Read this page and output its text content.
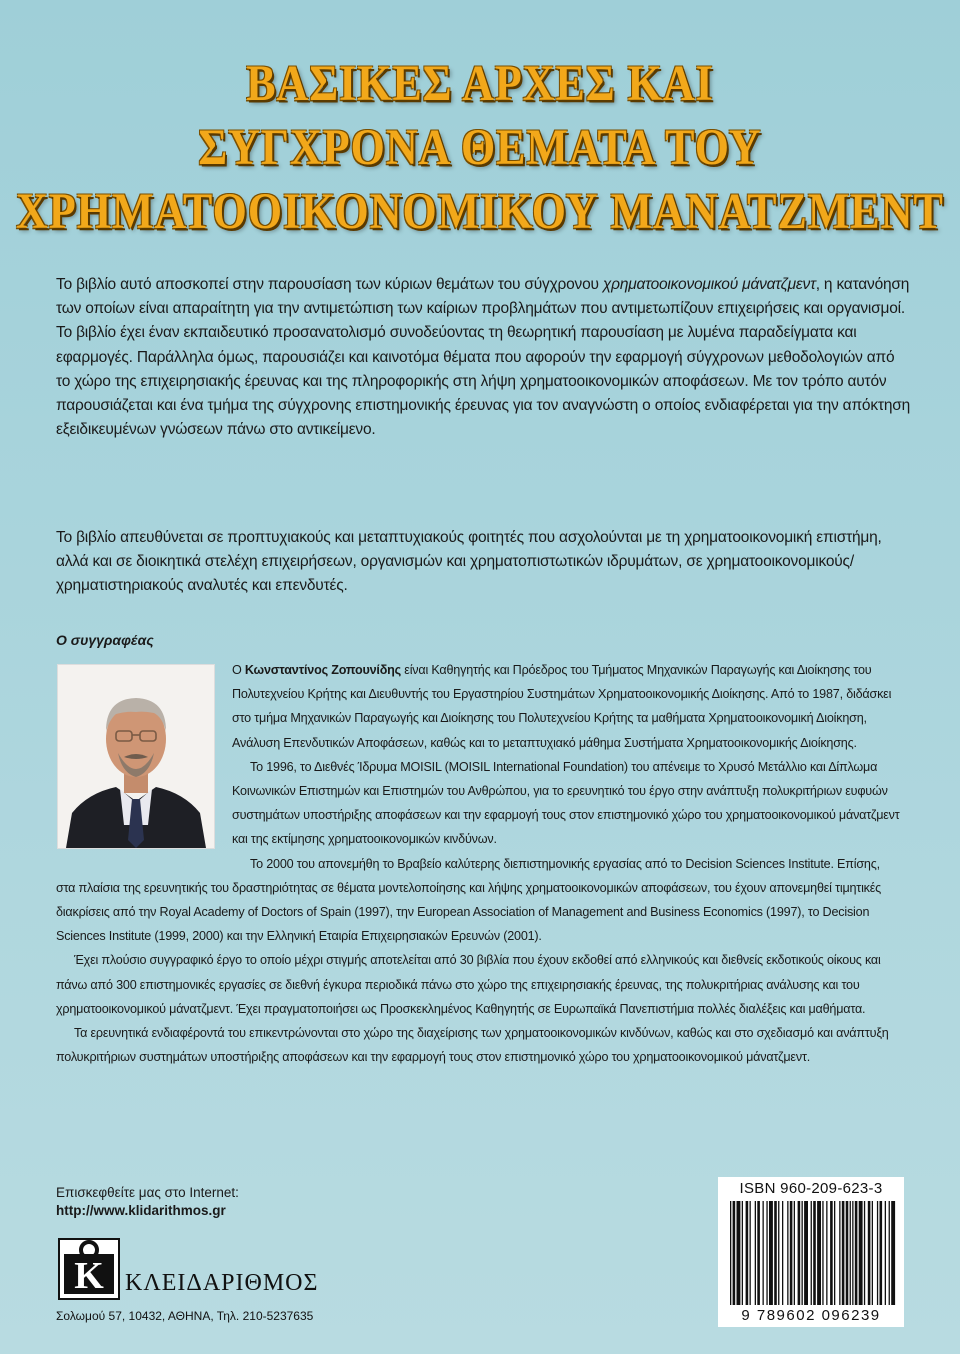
ΒΑΣΙΚΕΣ ΑΡΧΕΣ ΚΑΙ
ΣΥΓΧΡΟΝΑ ΘΕΜΑΤΑ ΤΟΥ
ΧΡΗΜΑΤΟΟΙΚΟΝΟΜΙΚΟΥ ΜΑΝΑΤΖΜΕΝΤ
Το βιβλίο αυτό αποσκοπεί στην παρουσίαση των κύριων θεμάτων του σύγχρονου χρηματοοικονομικού μάνατζμεντ, η κατανόηση των οποίων είναι απαραίτητη για την αντιμετώπιση των καίριων προβλημάτων που αντιμετωπίζουν επιχειρήσεις και οργανισμοί. Το βιβλίο έχει έναν εκπαιδευτικό προσανατολισμό συνοδεύοντας τη θεωρητική παρουσίαση με λυμένα παραδείγματα και εφαρμογές. Παράλληλα όμως, παρουσιάζει και καινοτόμα θέματα που αφορούν την εφαρμογή σύγχρονων μεθοδολογιών από το χώρο της επιχειρησιακής έρευνας και της πληροφορικής στη λήψη χρηματοοικονομικών αποφάσεων. Με τον τρόπο αυτόν παρουσιάζεται και ένα τμήμα της σύγχρονης επιστημονικής έρευνας για τον αναγνώστη ο οποίος ενδιαφέρεται για την απόκτηση εξειδικευμένων γνώσεων πάνω στο αντικείμενο.
Το βιβλίο απευθύνεται σε προπτυχιακούς και μεταπτυχιακούς φοιτητές που ασχολούνται με τη χρηματοοικονομική επιστήμη, αλλά και σε διοικητικά στελέχη επιχειρήσεων, οργανισμών και χρηματοπιστωτικών ιδρυμάτων, σε χρηματοοικονομικούς/χρηματιστηριακούς αναλυτές και επενδυτές.
Ο συγγραφέας

Ο Κωνσταντίνος Ζοπουνίδης είναι Καθηγητής και Πρόεδρος του Τμήματος Μηχανικών Παραγωγής και Διοίκησης του Πολυτεχνείου Κρήτης και Διευθυντής του Εργαστηρίου Συστημάτων Χρηματοοικονομικής Διοίκησης. Από το 1987, διδάσκει στο τμήμα Μηχανικών Παραγωγής και Διοίκησης του Πολυτεχνείου Κρήτης τα μαθήματα Χρηματοοικονομική Διοίκηση, Ανάλυση Επενδυτικών Αποφάσεων, καθώς και το μεταπτυχιακό μάθημα Συστήματα Χρηματοοικονομικής Διοίκησης.

Το 1996, το Διεθνές Ίδρυμα MOISIL (MOISIL International Foundation) του απένειμε το Χρυσό Μετάλλιο και Δίπλωμα Κοινωνικών Επιστημών και Επιστημών του Ανθρώπου, για το ερευνητικό του έργο στην ανάπτυξη πολυκριτήριων ευφυών συστημάτων υποστήριξης αποφάσεων και την εφαρμογή τους στον επιστημονικό χώρο του χρηματοοικονομικού μάνατζμεντ και της εκτίμησης χρηματοοικονομικών κινδύνων.

Το 2000 του απονεμήθη το Βραβείο καλύτερης διεπιστημονικής εργασίας από το Decision Sciences Institute. Επίσης, στα πλαίσια της ερευνητικής του δραστηριότητας σε θέματα μοντελοποίησης και λήψης χρηματοοικονομικών αποφάσεων, του έχουν απονεμηθεί τιμητικές διακρίσεις από την Royal Academy of Doctors of Spain (1997), την European Association of Management and Business Economics (1997), το Decision Sciences Institute (1999, 2000) και την Ελληνική Εταιρία Επιχειρησιακών Ερευνών (2001).

Έχει πλούσιο συγγραφικό έργο το οποίο μέχρι στιγμής αποτελείται από 30 βιβλία που έχουν εκδοθεί από ελληνικούς και διεθνείς εκδοτικούς οίκους και πάνω από 300 επιστημονικές εργασίες σε διεθνή έγκυρα περιοδικά πάνω στο χώρο της επιχειρησιακής έρευνας, της πολυκριτήριας ανάλυσης και του χρηματοοικονομικού μάνατζμεντ. Έχει πραγματοποιήσει ως Προσκεκλημένος Καθηγητής σε Ευρωπαϊκά Πανεπιστήμια πολλές διαλέξεις και μαθήματα.

Τα ερευνητικά ενδιαφέροντά του επικεντρώνονται στο χώρο της διαχείρισης των χρηματοοικονομικών κινδύνων, καθώς και στο σχεδιασμό και ανάπτυξη πολυκριτήριων συστημάτων υποστήριξης αποφάσεων και την εφαρμογή τους στον επιστημονικό χώρο του χρηματοοικονομικού μάνατζμεντ.

Επισκεφθείτε μας στο Internet:
http://www.klidarithmos.gr
K ΚΛΕΙΔΑΡΙΘΜΟΣ
Σολωμού 57, 10432, ΑΘΗΝΑ, Τηλ. 210-5237635
ISBN 960-209-623-3
9 789602 096239
